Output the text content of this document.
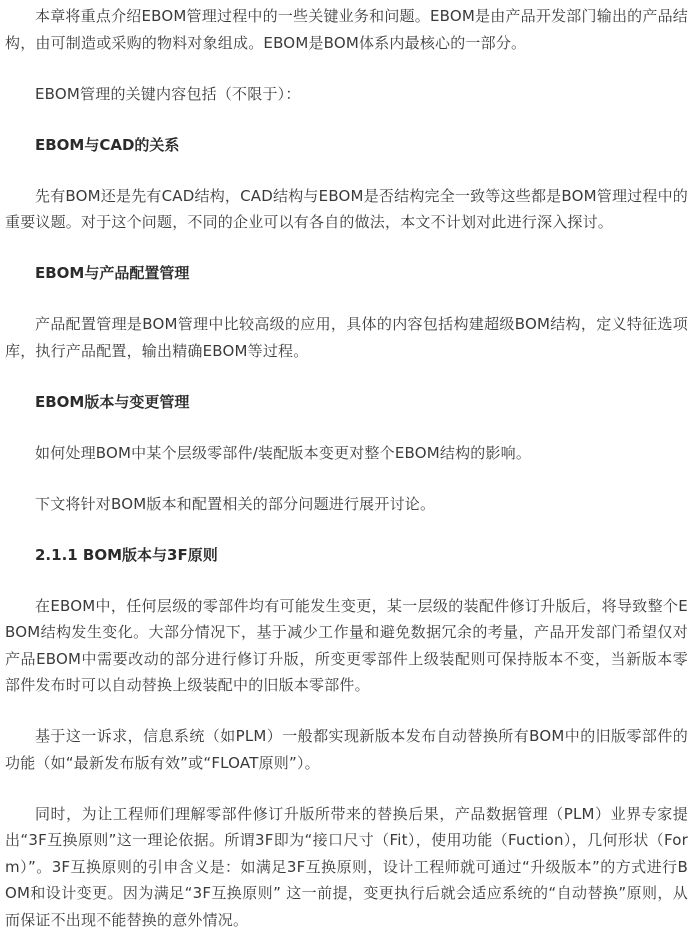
本章将重点介绍EBOM管理过程中的一些关键业务和问题。EBOM是由产品开发部门输出的产品结构，由可制造或采购的物料对象组成。EBOM是BOM体系内最核心的一部分。

EBOM管理的关键内容包括（不限于）：

EBOM与CAD的关系

先有BOM还是先有CAD结构，CAD结构与EBOM是否结构完全一致等这些都是BOM管理过程中的重要议题。对于这个问题，不同的企业可以有各自的做法，本文不计划对此进行深入探讨。

EBOM与产品配置管理

产品配置管理是BOM管理中比较高级的应用，具体的内容包括构建超级BOM结构，定义特征选项库，执行产品配置，输出精确EBOM等过程。

EBOM版本与变更管理

如何处理BOM中某个层级零部件/装配版本变更对整个EBOM结构的影响。

下文将针对BOM版本和配置相关的部分问题进行展开讨论。

2.1.1 BOM版本与3F原则

在EBOM中，任何层级的零部件均有可能发生变更，某一层级的装配件修订升版后，将导致整个EBOM结构发生变化。大部分情况下，基于减少工作量和避免数据冗余的考量，产品开发部门希望仅对产品EBOM中需要改动的部分进行修订升版，所变更零部件上级装配则可保持版本不变，当新版本零部件发布时可以自动替换上级装配中的旧版本零部件。

基于这一诉求，信息系统（如PLM）一般都实现新版本发布自动替换所有BOM中的旧版零部件的功能（如“最新发布版有效”或“FLOAT原则”）。

同时，为让工程师们理解零部件修订升版所带来的替换后果，产品数据管理（PLM）业界专家提出“3F互换原则”这一理论依据。所谓3F即为“接口尺寸（Fit），使用功能（Fuction），几何形状（Form）”。3F互换原则的引申含义是：如满足3F互换原则，设计工程师就可通过“升级版本”的方式进行BOM和设计变更。因为满足“3F互换原则” 这一前提，变更执行后就会适应系统的“自动替换”原则，从而保证不出现不能替换的意外情况。
